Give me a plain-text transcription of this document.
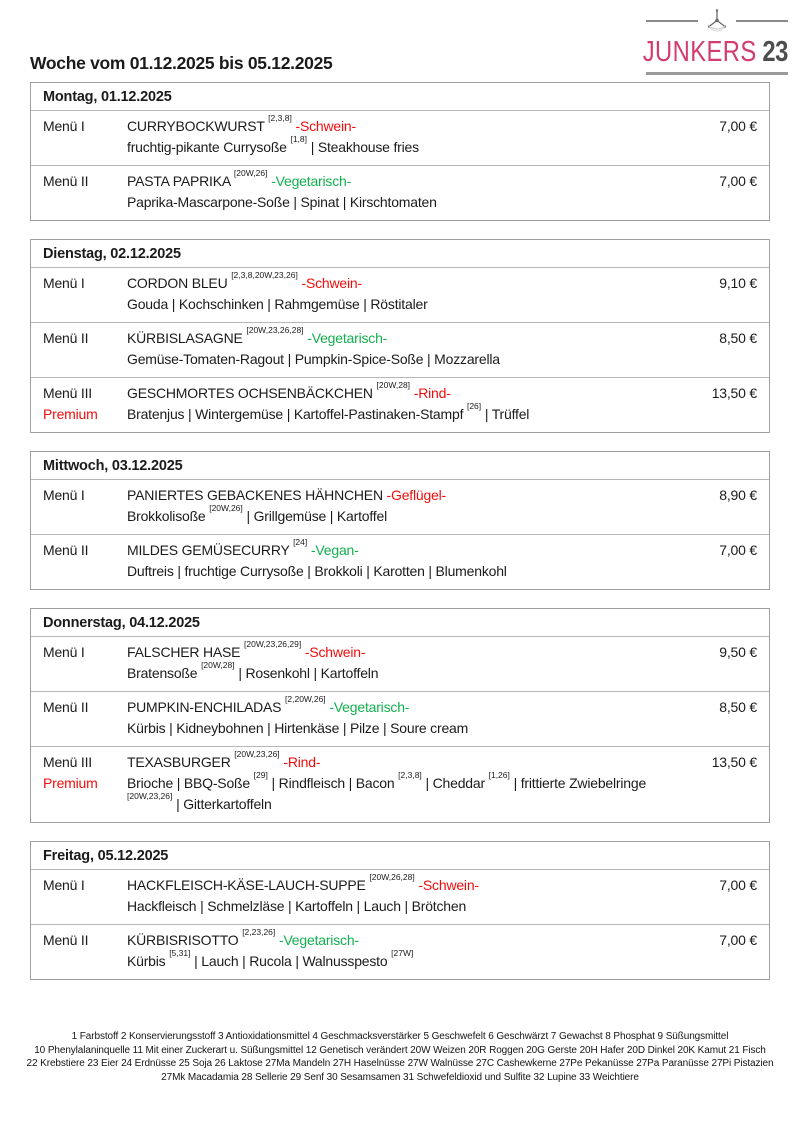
Woche vom 01.12.2025 bis 05.12.2025	JUNKERS 23
Montag, 01.12.2025
Menü I	CURRYBOCKWURST [2,3,8] -Schwein-
fruchtig-pikante Currysoße [1,8] | Steakhouse fries
7,00 €
Menü II	PASTA PAPRIKA [20W,26] -Vegetarisch-
Paprika-Mascarpone-Soße | Spinat | Kirschtomaten
7,00 €
Dienstag, 02.12.2025
Menü I	CORDON BLEU [2,3,8,20W,23,26] -Schwein-
Gouda | Kochschinken | Rahmgemüse | Röstitaler
9,10 €
Menü II	KÜRBISLASAGNE [20W,23,26,28] -Vegetarisch-
Gemüse-Tomaten-Ragout | Pumpkin-Spice-Soße | Mozzarella
8,50 €
Menü III
Premium
GESCHMORTES OCHSENBÄCKCHEN [20W,28] -Rind-
Bratenjus | Wintergemüse | Kartoffel-Pastinaken-Stampf [26] | Trüffel
13,50 €
Mittwoch, 03.12.2025
Menü I	PANIERTES GEBACKENES HÄHNCHEN -Geflügel-
Brokkolisoße [20W,26] | Grillgemüse | Kartoffel
8,90 €
Menü II	MILDES GEMÜSECURRY [24] -Vegan-
Duftreis | fruchtige Currysoße | Brokkoli | Karotten | Blumenkohl
7,00 €
Donnerstag, 04.12.2025
Menü I	FALSCHER HASE [20W,23,26,29] -Schwein-
Bratensoße [20W,28] | Rosenkohl | Kartoffeln
9,50 €
Menü II	PUMPKIN-ENCHILADAS [2,20W,26] -Vegetarisch-
Kürbis | Kidneybohnen | Hirtenkäse | Pilze | Soure cream
8,50 €
Menü III
Premium
TEXASBURGER [20W,23,26] -Rind-
Brioche | BBQ-Soße [29] | Rindfleisch | Bacon [2,3,8] | Cheddar [1,26] | frittierte Zwiebelringe [20W,23,26] | Gitterkartoffeln
13,50 €
Freitag, 05.12.2025
Menü I	HACKFLEISCH-KÄSE-LAUCH-SUPPE [20W,26,28] -Schwein-
Hackfleisch | Schmelzläse | Kartoffeln | Lauch | Brötchen
7,00 €
Menü II	KÜRBISRISOTTO [2,23,26] -Vegetarisch-
Kürbis [5,31] | Lauch | Rucola | Walnusspesto [27W]
7,00 €
1 Farbstoff 2 Konservierungsstoff 3 Antioxidationsmittel 4 Geschmacksverstärker 5 Geschwefelt 6 Geschwärzt 7 Gewachst 8 Phosphat 9 Süßungsmittel
10 Phenylalaninquelle 11 Mit einer Zuckerart u. Süßungsmittel 12 Genetisch verändert 20W Weizen 20R Roggen 20G Gerste 20H Hafer 20D Dinkel 20K Kamut 21 Fisch
22 Krebstiere 23 Eier 24 Erdnüsse 25 Soja 26 Laktose 27Ma Mandeln 27H Haselnüsse 27W Walnüsse 27C Cashewkerne 27Pe Pekanüsse 27Pa Paranüsse 27Pi Pistazien
27Mk Macadamia 28 Sellerie 29 Senf 30 Sesamsamen 31 Schwefeldioxid und Sulfite 32 Lupine 33 Weichtiere
